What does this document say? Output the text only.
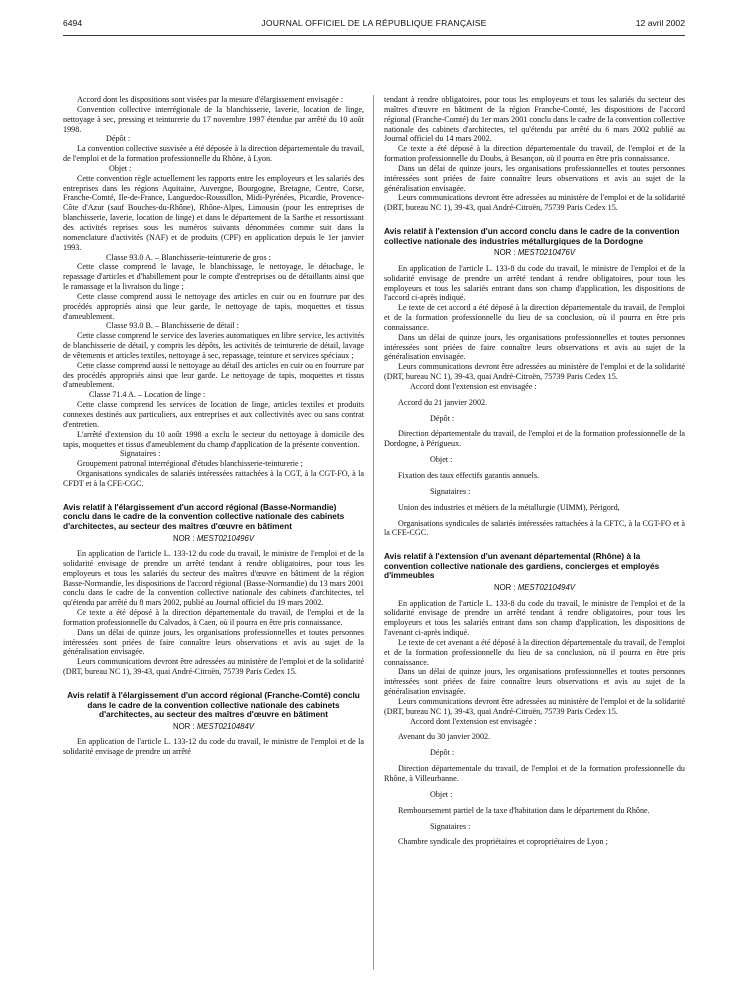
6494	JOURNAL OFFICIEL DE LA RÉPUBLIQUE FRANÇAISE	12 avril 2002

Accord dont les dispositions sont visées par la mesure d'élargissement envisagée :

Convention collective interrégionale de la blanchisserie, laverie, location de linge, nettoyage à sec, pressing et teinturerie du 17 novembre 1997 étendue par arrêté du 10 août 1998.

Dépôt :

La convention collective susvisée a été déposée à la direction départementale du travail, de l'emploi et de la formation professionnelle du Rhône, à Lyon.

Objet :

Cette convention règle actuellement les rapports entre les employeurs et les salariés des entreprises dans les régions Aquitaine, Auvergne, Bourgogne, Bretagne, Centre, Corse, Franche-Comté, Ile-de-France, Languedoc-Roussillon, Midi-Pyrénées, Picardie, Provence-Côte d'Azur (sauf Bouches-du-Rhône), Rhône-Alpes, Limousin (pour les entreprises de blanchisserie, laverie, location de linge) et dans le département de la Sarthe et ressortissant des activités reprises sous les numéros suivants dénommées comme suit dans la nomenclature d'activités (NAF) et de produits (CPF) en application depuis le 1er janvier 1993.

Classe 93.0 A. – Blanchisserie-teinturerie de gros :

Cette classe comprend le lavage, le blanchissage, le nettoyage, le détachage, le repassage d'articles et d'habillement pour le compte d'entreprises ou de détaillants ainsi que le ramassage et la livraison du linge ;

Cette classe comprend aussi le nettoyage des articles en cuir ou en fourrure par des procédés appropriés ainsi que leur garde, le nettoyage de tapis, moquettes et tissus d'ameublement.

Classe 93.0 B. – Blanchisserie de détail :

Cette classe comprend le service des laveries automatiques en libre service, les activités de blanchisserie de détail, y compris les dépôts, les activités de teinturerie de détail, lavage de vêtements et articles textiles, nettoyage à sec, repassage, teinture et services spéciaux ;

Cette classe comprend aussi le nettoyage au détail des articles en cuir ou en fourrure par des procédés appropriés ainsi que leur garde. Le nettoyage de tapis, moquettes et tissus d'ameublement.

Classe 71.4 A. – Location de linge :

Cette classe comprend les services de location de linge, articles textiles et produits connexes destinés aux particuliers, aux entreprises et aux collectivités avec ou sans contrat d'entretien.

L'arrêté d'extension du 10 août 1998 a exclu le secteur du nettoyage à domicile des tapis, moquettes et tissus d'ameublement du champ d'application de la présente convention.

Signataires :

Groupement patronal interrégional d'études blanchisserie-teinturerie ;

Organisations syndicales de salariés intéressées rattachées à la CGT, à la CGT-FO, à la CFDT et à la CFE-CGC.

Avis relatif à l'élargissement d'un accord régional (Basse-Normandie) conclu dans le cadre de la convention collective nationale des cabinets d'architectes, au secteur des maîtres d'œuvre en bâtiment

NOR : MEST0210496V

En application de l'article L. 133-12 du code du travail, le ministre de l'emploi et de la solidarité envisage de prendre un arrêté tendant à rendre obligatoires, pour tous les employeurs et tous les salariés du secteur des maîtres d'œuvre en bâtiment de la région Basse-Normandie, les dispositions de l'accord régional (Basse-Normandie) du 13 mars 2001 conclu dans le cadre de la convention collective nationale des cabinets d'architectes, tel qu'étendu par arrêté du 8 mars 2002, publié au Journal officiel du 19 mars 2002.

Ce texte a été déposé à la direction départementale du travail, de l'emploi et de la formation professionnelle du Calvados, à Caen, où il pourra en être pris connaissance.

Dans un délai de quinze jours, les organisations professionnelles et toutes personnes intéressées sont priées de faire connaître leurs observations et avis au sujet de la généralisation envisagée.

Leurs communications devront être adressées au ministère de l'emploi et de la solidarité (DRT, bureau NC 1), 39-43, quai André-Citroën, 75739 Paris Cedex 15.

Avis relatif à l'élargissement d'un accord régional (Franche-Comté) conclu dans le cadre de la convention collective nationale des cabinets d'architectes, au secteur des maîtres d'œuvre en bâtiment

NOR : MEST0210484V

En application de l'article L. 133-12 du code du travail, le ministre de l'emploi et de la solidarité envisage de prendre un arrêté

tendant à rendre obligatoires, pour tous les employeurs et tous les salariés du secteur des maîtres d'œuvre en bâtiment de la région Franche-Comté, les dispositions de l'accord régional (Franche-Comté) du 1er mars 2001 conclu dans le cadre de la convention collective nationale des cabinets d'architectes, tel qu'étendu par arrêté du 6 mars 2002 publié au Journal officiel du 14 mars 2002.

Ce texte a été déposé à la direction départementale du travail, de l'emploi et de la formation professionnelle du Doubs, à Besançon, où il pourra en être pris connaissance.

Dans un délai de quinze jours, les organisations professionnelles et toutes personnes intéressées sont priées de faire connaître leurs observations et avis au sujet de la généralisation envisagée.

Leurs communications devront être adressées au ministère de l'emploi et de la solidarité (DRT, bureau NC 1), 39-43, quai André-Citroën, 75739 Paris Cedex 15.

Avis relatif à l'extension d'un accord conclu dans le cadre de la convention collective nationale des industries métallurgiques de la Dordogne

NOR : MEST0210476V

En application de l'article L. 133-8 du code du travail, le ministre de l'emploi et de la solidarité envisage de prendre un arrêté tendant à rendre obligatoires, pour tous les employeurs et tous les salariés entrant dans son champ d'application, les dispositions de l'accord ci-après indiqué.

Le texte de cet accord a été déposé à la direction départementale du travail, de l'emploi et de la formation professionnelle du lieu de sa conclusion, où il pourra en être pris connaissance.

Dans un délai de quinze jours, les organisations professionnelles et toutes personnes intéressées sont priées de faire connaître leurs observations et avis au sujet de la généralisation envisagée.

Leurs communications devront être adressées au ministère de l'emploi et de la solidarité (DRT, bureau NC 1), 39-43, quai André-Citroën, 75739 Paris Cedex 15.

Accord dont l'extension est envisagée :

Accord du 21 janvier 2002.

Dépôt :

Direction départementale du travail, de l'emploi et de la formation professionnelle de la Dordogne, à Périgueux.

Objet :

Fixation des taux effectifs garantis annuels.

Signataires :

Union des industries et métiers de la métallurgie (UIMM), Périgord,

Organisations syndicales de salariés intéressées rattachées à la CFTC, à la CGT-FO et à la CFE-CGC.

Avis relatif à l'extension d'un avenant départemental (Rhône) à la convention collective nationale des gardiens, concierges et employés d'immeubles

NOR : MEST0210494V

En application de l'article L. 133-8 du code du travail, le ministre de l'emploi et de la solidarité envisage de prendre un arrêté tendant à rendre obligatoires, pour tous les employeurs et tous les salariés entrant dans son champ d'application, les dispositions de l'avenant ci-après indiqué.

Le texte de cet avenant a été déposé à la direction départementale du travail, de l'emploi et de la formation professionnelle du lieu de sa conclusion, où il pourra en être pris connaissance.

Dans un délai de quinze jours, les organisations professionnelles et toutes personnes intéressées sont priées de faire connaître leurs observations et avis au sujet de la généralisation envisagée.

Leurs communications devront être adressées au ministère de l'emploi et de la solidarité (DRT, bureau NC 1), 39-43, quai André-Citroën, 75739 Paris Cedex 15.

Accord dont l'extension est envisagée :

Avenant du 30 janvier 2002.

Dépôt :

Direction départementale du travail, de l'emploi et de la formation professionnelle du Rhône, à Villeurbanne.

Objet :

Remboursement partiel de la taxe d'habitation dans le département du Rhône.

Signataires :

Chambre syndicale des propriétaires et copropriétaires de Lyon ;
